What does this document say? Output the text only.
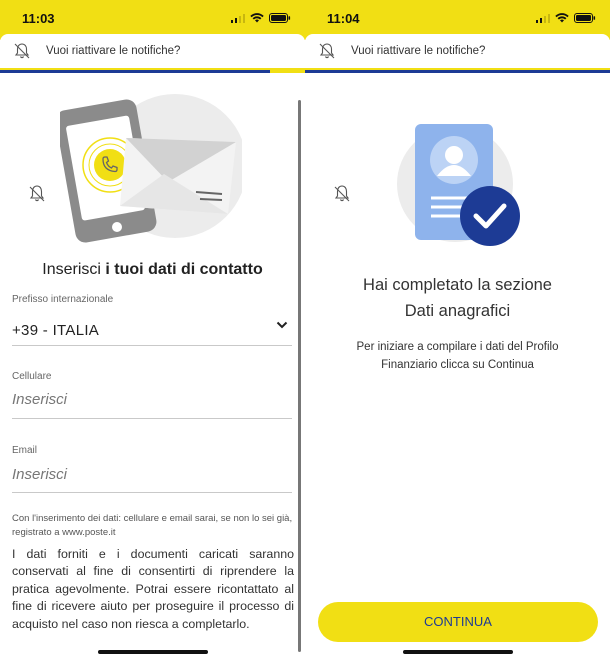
11:03
Vuoi riattivare le notifiche?
Inserisci i tuoi dati di contatto
Prefisso internazionale
+39 - ITALIA
Cellulare
Inserisci
Email
Inserisci

Con l'inserimento dei dati: cellulare e email sarai, se non lo sei già, registrato a www.poste.it

I dati forniti e i documenti caricati saranno conservati al fine di consentirti di riprendere la pratica agevolmente. Potrai essere ricontattato al fine di ricevere aiuto per proseguire il processo di acquisto nel caso non riesca a completarlo.

11:04
Vuoi riattivare le notifiche?
Hai completato la sezione
Dati anagrafici
Per iniziare a compilare i dati del Profilo
Finanziario clicca su Continua
CONTINUA
